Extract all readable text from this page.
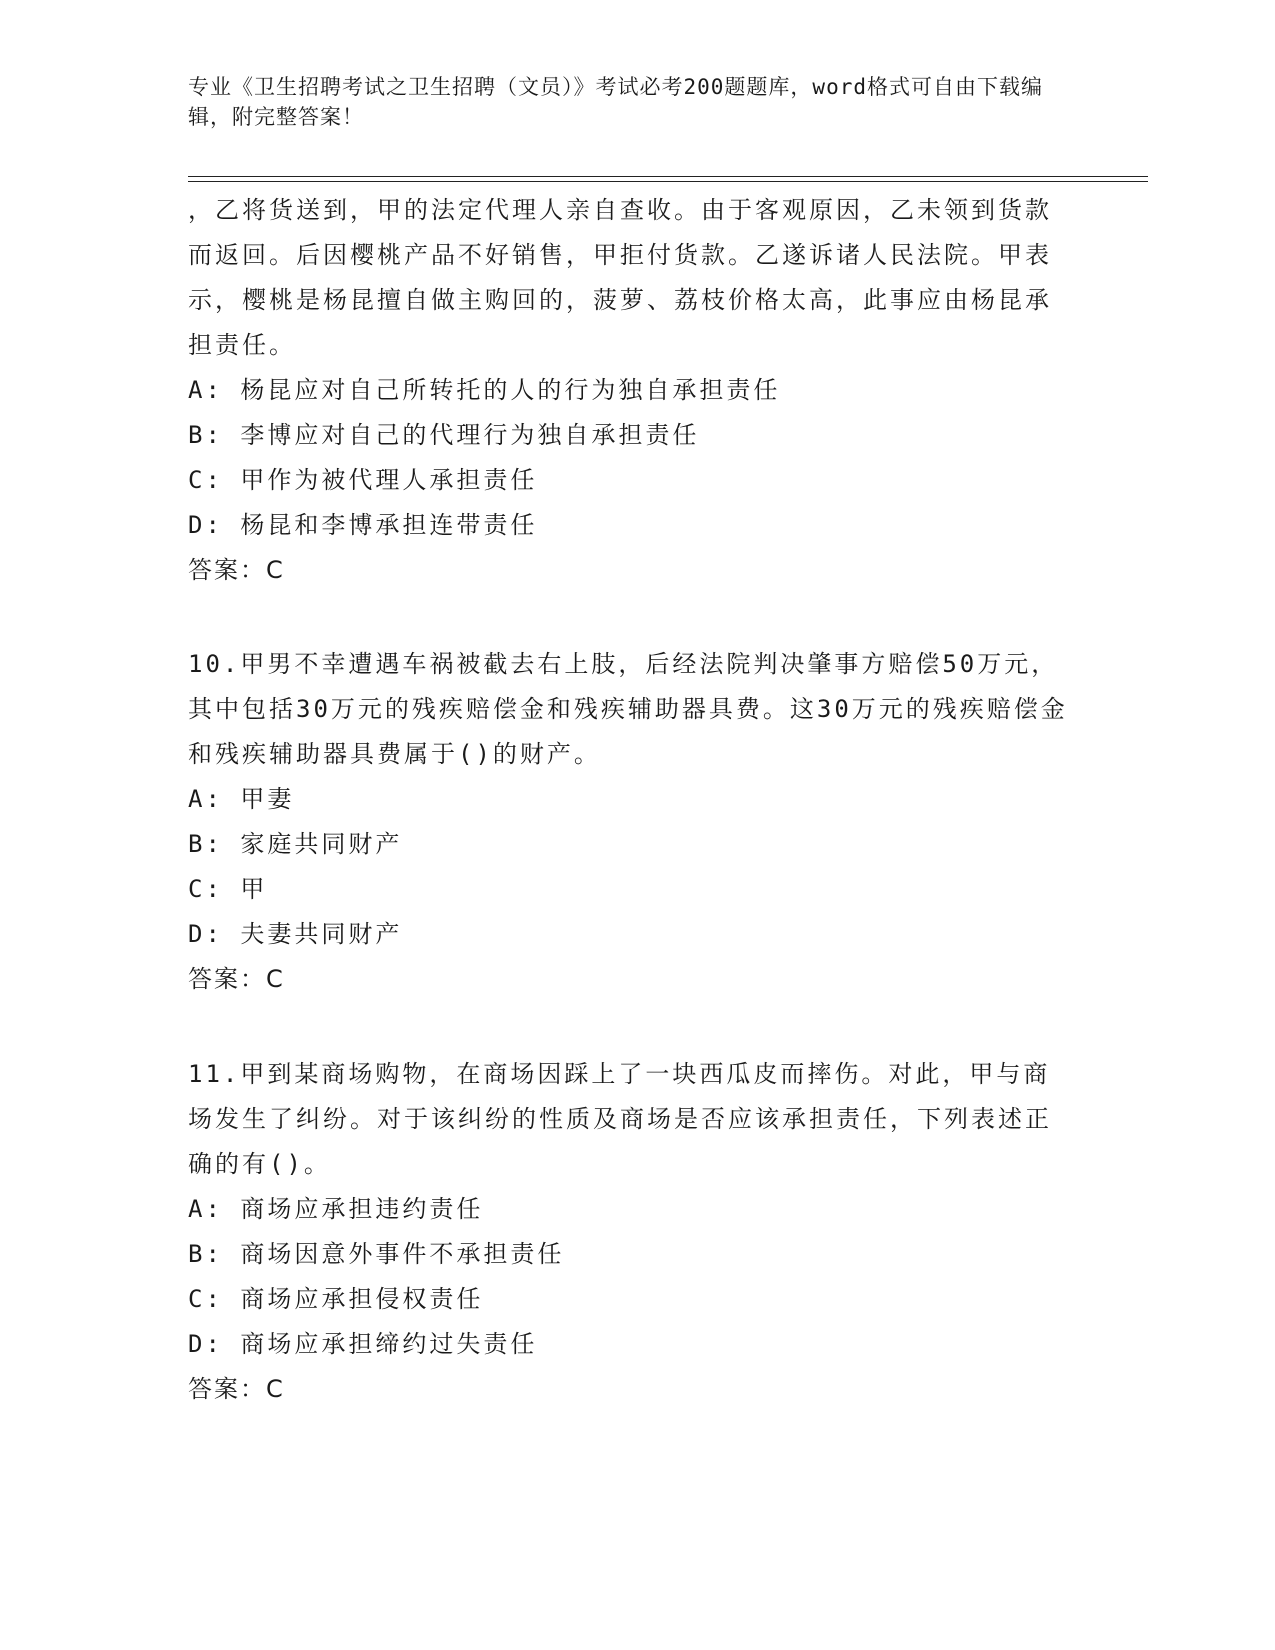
专业《卫生招聘考试之卫生招聘（文员）》考试必考200题题库，word格式可自由下载编辑，附完整答案！
，乙将货送到，甲的法定代理人亲自查收。由于客观原因，乙未领到货款而返回。后因樱桃产品不好销售，甲拒付货款。乙遂诉诸人民法院。甲表示，樱桃是杨昆擅自做主购回的，菠萝、荔枝价格太高，此事应由杨昆承担责任。
A: 杨昆应对自己所转托的人的行为独自承担责任
B: 李博应对自己的代理行为独自承担责任
C: 甲作为被代理人承担责任
D: 杨昆和李博承担连带责任
答案：C
10.甲男不幸遭遇车祸被截去右上肢，后经法院判决肇事方赔偿50万元，其中包括30万元的残疾赔偿金和残疾辅助器具费。这30万元的残疾赔偿金和残疾辅助器具费属于()的财产。
A: 甲妻
B: 家庭共同财产
C: 甲
D: 夫妻共同财产
答案：C
11.甲到某商场购物，在商场因踩上了一块西瓜皮而摔伤。对此，甲与商场发生了纠纷。对于该纠纷的性质及商场是否应该承担责任，下列表述正确的有()。
A: 商场应承担违约责任
B: 商场因意外事件不承担责任
C: 商场应承担侵权责任
D: 商场应承担缔约过失责任
答案：C
